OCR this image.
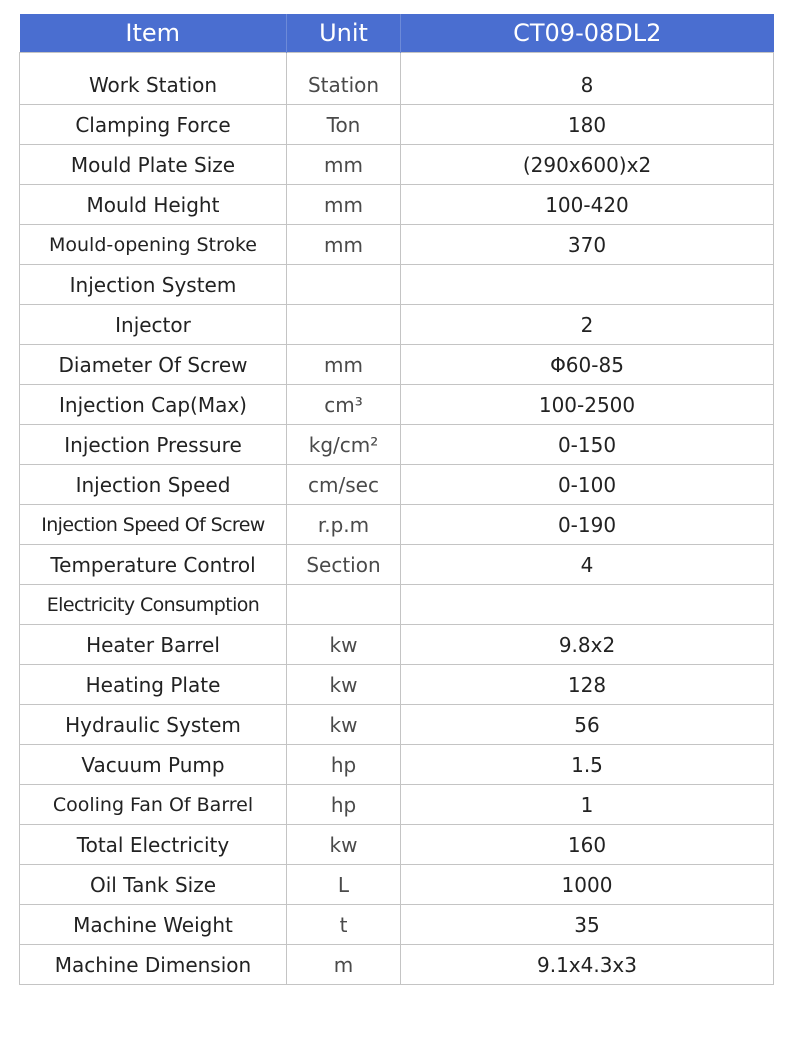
Item	Unit	CT09-08DL2
Work Station	Station	8
Clamping Force	Ton	180
Mould Plate Size	mm	(290x600)x2
Mould Height	mm	100-420
Mould-opening Stroke	mm	370
Injection System		
Injector		2
Diameter Of Screw	mm	Φ60-85
Injection Cap(Max)	cm³	100-2500
Injection Pressure	kg/cm²	0-150
Injection Speed	cm/sec	0-100
Injection Speed Of Screw	r.p.m	0-190
Temperature Control	Section	4
Electricity Consumption		
Heater Barrel	kw	9.8x2
Heating Plate	kw	128
Hydraulic System	kw	56
Vacuum Pump	hp	1.5
Cooling Fan Of Barrel	hp	1
Total Electricity	kw	160
Oil Tank Size	L	1000
Machine Weight	t	35
Machine Dimension	m	9.1x4.3x3
